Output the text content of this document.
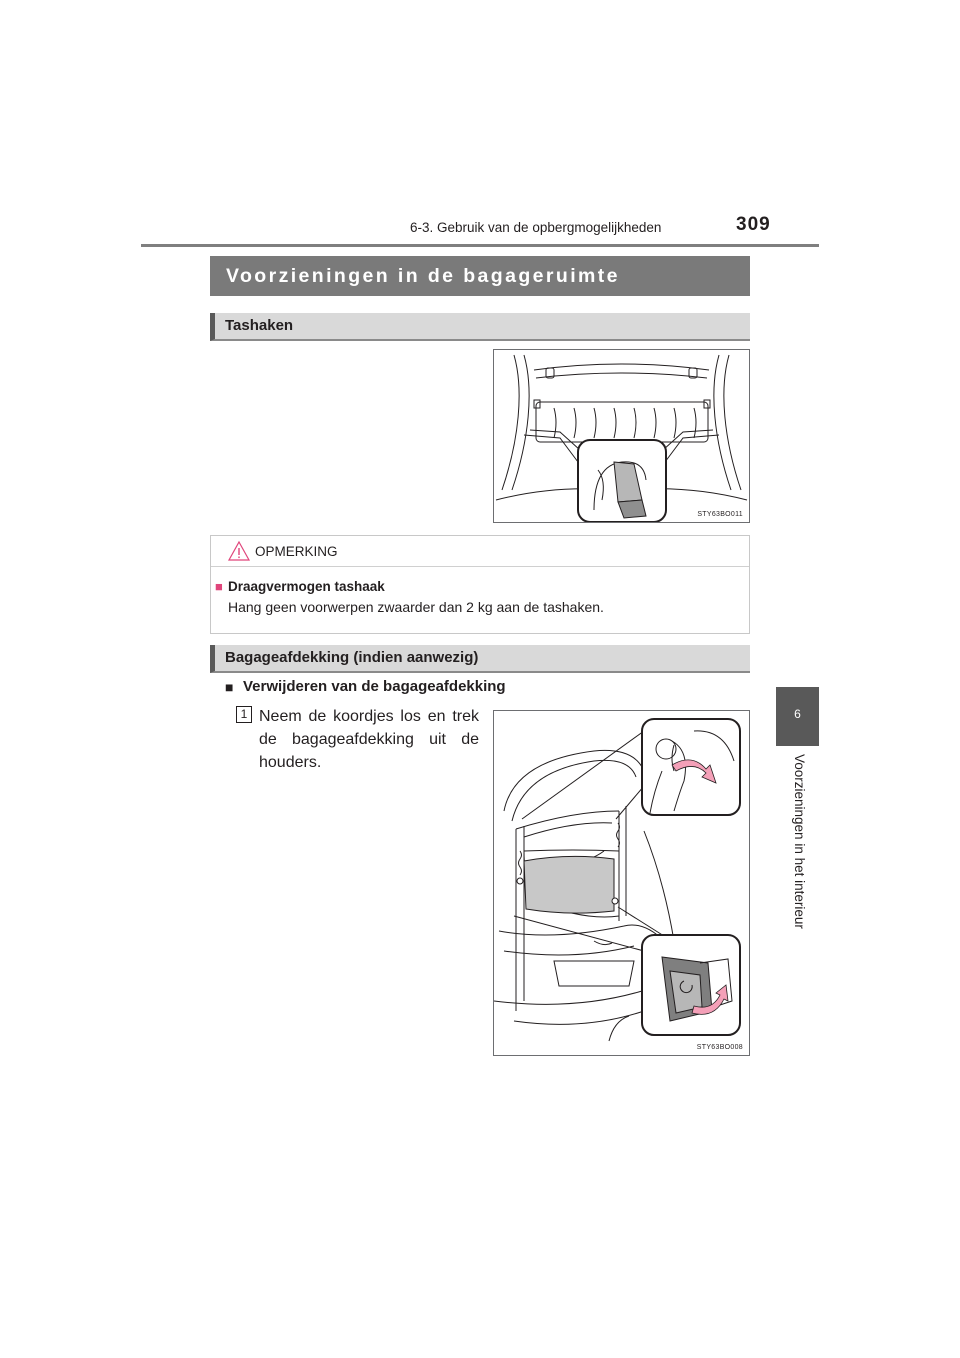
6-3. Gebruik van de opbergmogelijkheden	309
6
Voorzieningen in het interieur
Voorzieningen in de bagageruimte
Tashaken
STY63BO011
OPMERKING
■ Draagvermogen tashaak
Hang geen voorwerpen zwaarder dan 2 kg aan de tashaken.
Bagageafdekking (indien aanwezig)
■ Verwijderen van de bagageafdekking
1 Neem de koordjes los en trek de bagageafdekking uit de houders.
STY63BO008
